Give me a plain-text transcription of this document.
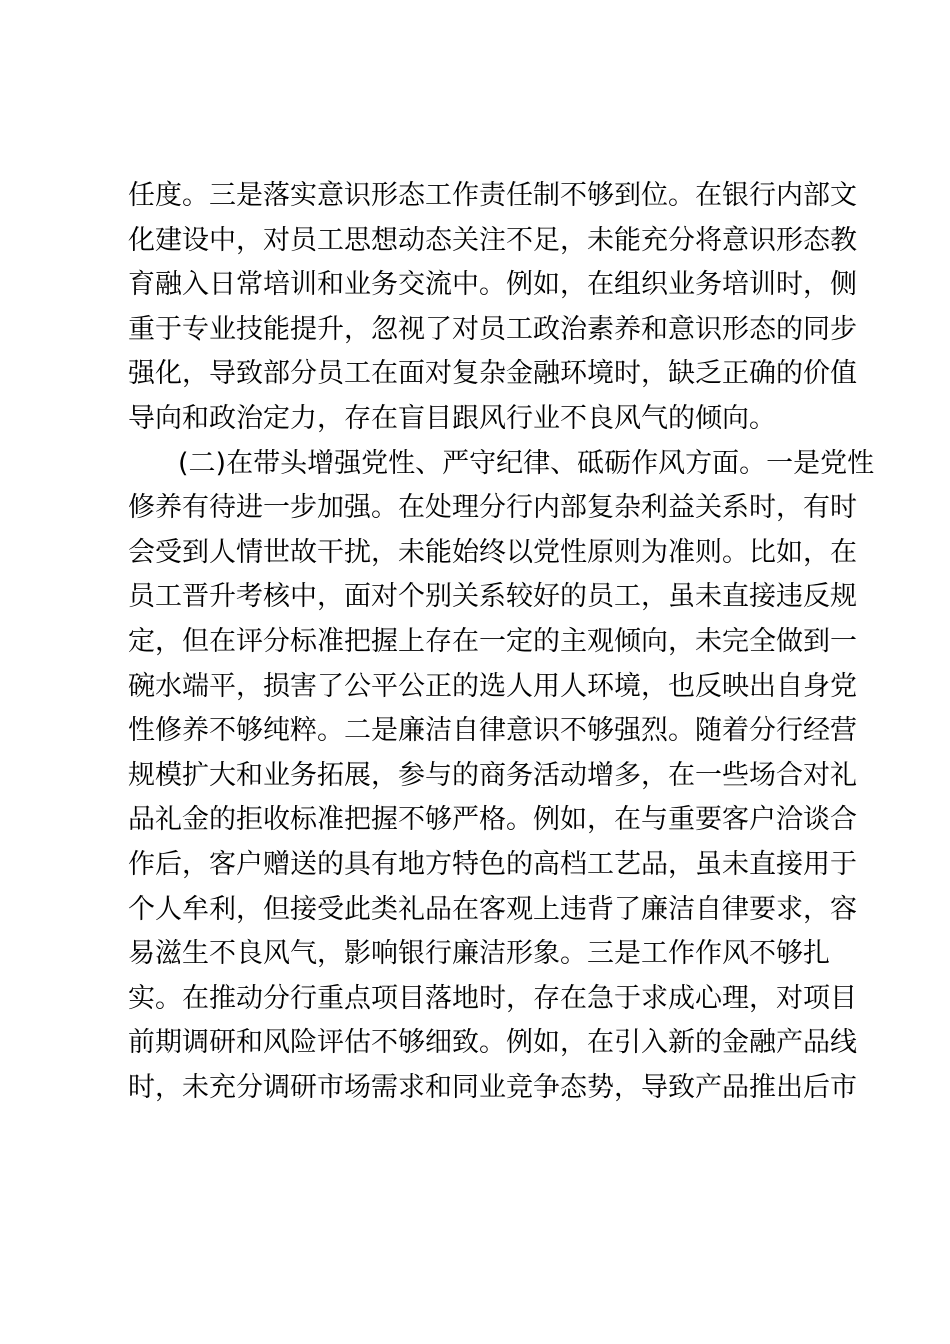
任度。三是落实意识形态工作责任制不够到位。在银行内部文
化建设中，对员工思想动态关注不足，未能充分将意识形态教
育融入日常培训和业务交流中。例如，在组织业务培训时，侧
重于专业技能提升，忽视了对员工政治素养和意识形态的同步
强化，导致部分员工在面对复杂金融环境时，缺乏正确的价值
导向和政治定力，存在盲目跟风行业不良风气的倾向。
(二)在带头增强党性、严守纪律、砥砺作风方面。一是党性
修养有待进一步加强。在处理分行内部复杂利益关系时，有时
会受到人情世故干扰，未能始终以党性原则为准则。比如，在
员工晋升考核中，面对个别关系较好的员工，虽未直接违反规
定，但在评分标准把握上存在一定的主观倾向，未完全做到一
碗水端平，损害了公平公正的选人用人环境，也反映出自身党
性修养不够纯粹。二是廉洁自律意识不够强烈。随着分行经营
规模扩大和业务拓展，参与的商务活动增多，在一些场合对礼
品礼金的拒收标准把握不够严格。例如，在与重要客户洽谈合
作后，客户赠送的具有地方特色的高档工艺品，虽未直接用于
个人牟利，但接受此类礼品在客观上违背了廉洁自律要求，容
易滋生不良风气，影响银行廉洁形象。三是工作作风不够扎
实。在推动分行重点项目落地时，存在急于求成心理，对项目
前期调研和风险评估不够细致。例如，在引入新的金融产品线
时，未充分调研市场需求和同业竞争态势，导致产品推出后市
